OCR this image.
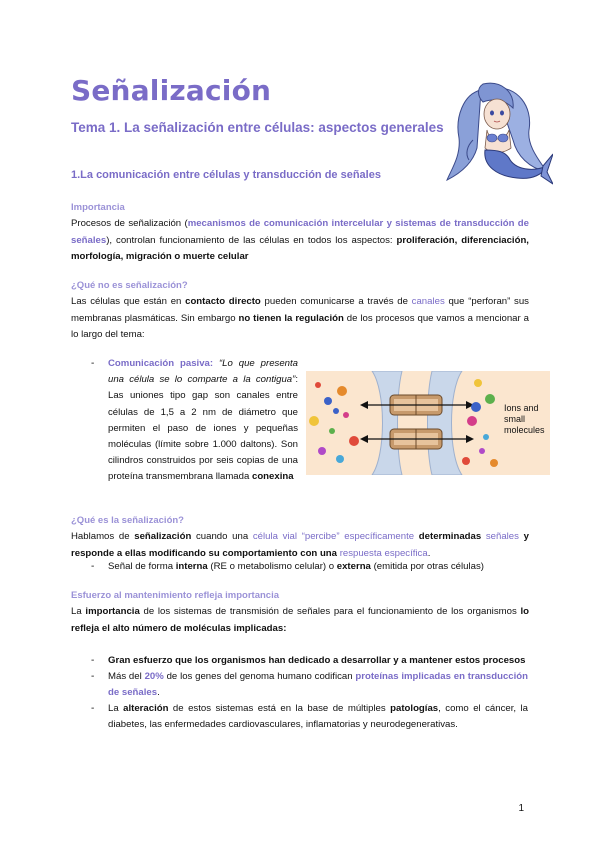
Señalización
Tema 1. La señalización entre células: aspectos generales
1.La comunicación entre células y transducción de señales
Importancia
Procesos de señalización (mecanismos de comunicación intercelular y sistemas de transducción de señales), controlan funcionamiento de las células en todos los aspectos: proliferación, diferenciación, morfología, migración o muerte celular
¿Qué no es señalización?
Las células que están en contacto directo pueden comunicarse a través de canales que “perforan” sus membranas plasmáticas. Sin embargo no tienen la regulación de los procesos que vamos a mencionar a lo largo del tema:
- Comunicación pasiva: “Lo que presenta una célula se lo comparte a la contigua”: Las uniones tipo gap son canales entre células de 1,5 a 2 nm de diámetro que permiten el paso de iones y pequeñas moléculas (límite sobre 1.000 daltons). Son cilindros construidos por seis copias de una proteína transmembrana llamada conexina
Ions and
small
molecules
¿Qué es la señalización?
Hablamos de señalización cuando una célula vial “percibe” específicamente determinadas señales y responde a ellas modificando su comportamiento con una respuesta específica.
- Señal de forma interna (RE o metabolismo celular) o externa (emitida por otras células)
Esfuerzo al mantenimiento refleja importancia
La importancia de los sistemas de transmisión de señales para el funcionamiento de los organismos lo refleja el alto número de moléculas implicadas:
- Gran esfuerzo que los organismos han dedicado a desarrollar y a mantener estos procesos
- Más del 20% de los genes del genoma humano codifican proteínas implicadas en transducción de señales.
- La alteración de estos sistemas está en la base de múltiples patologías, como el cáncer, la diabetes, las enfermedades cardiovasculares, inflamatorias y neurodegenerativas.
1
